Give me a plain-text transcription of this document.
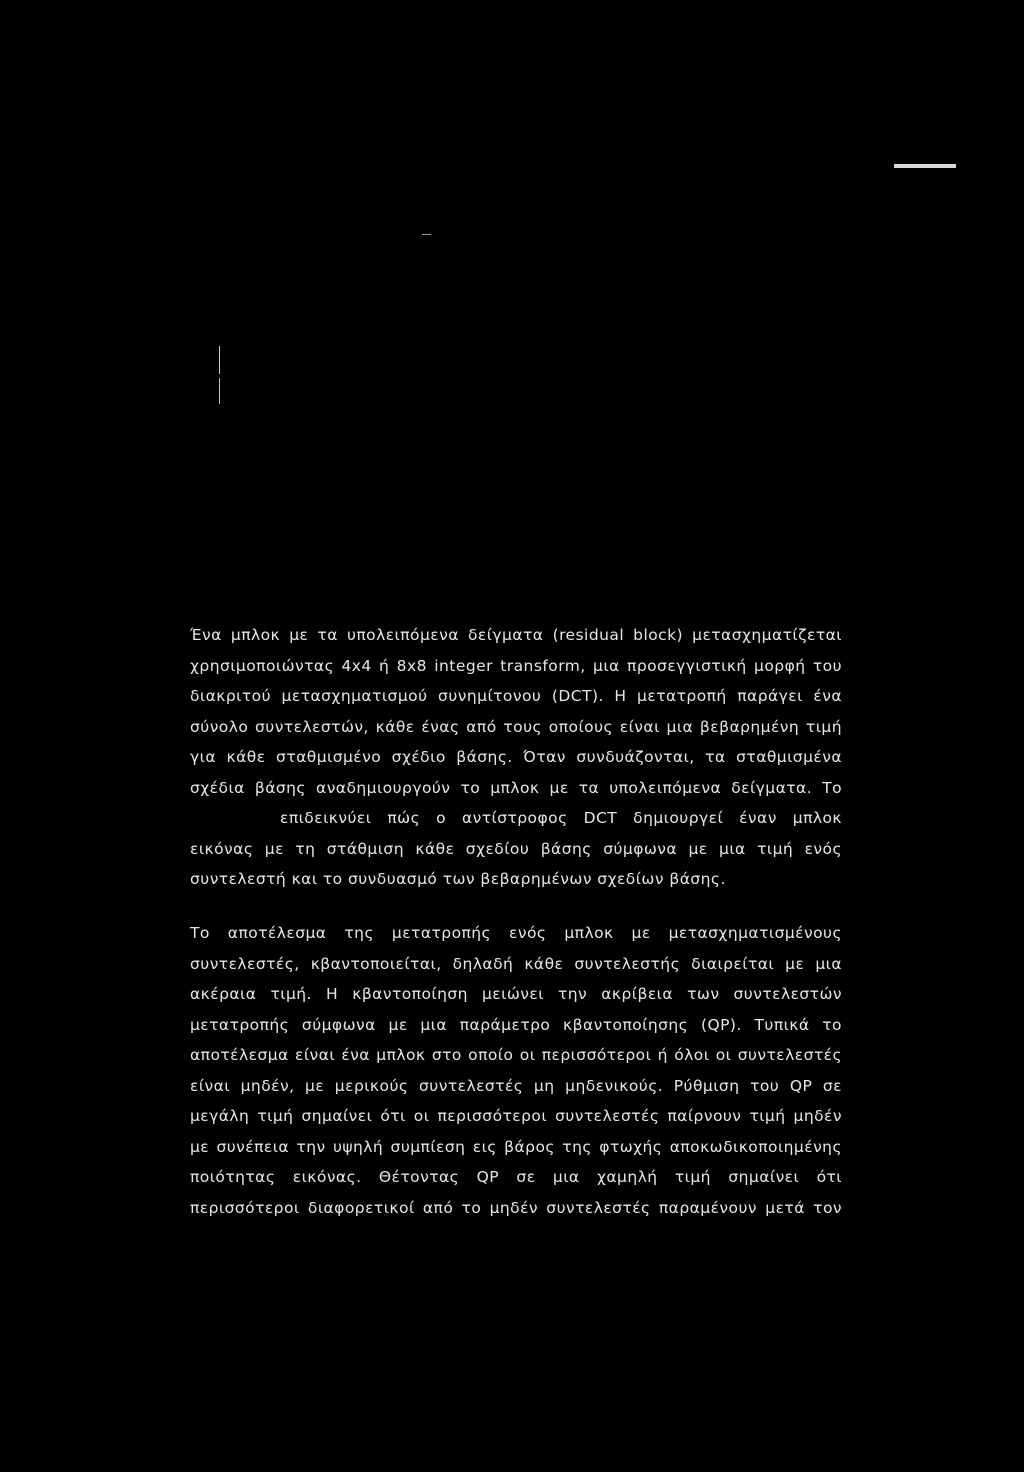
Ένα μπλοκ με τα υπολειπόμενα δείγματα (residual block) μετασχηματίζεται
χρησιμοποιώντας 4x4 ή 8x8 integer transform, μια προσεγγιστική μορφή του
διακριτού μετασχηματισμού συνημίτονου (DCT). Η μετατροπή παράγει ένα
σύνολο συντελεστών, κάθε ένας από τους οποίους είναι μια βεβαρημένη τιμή
για κάθε σταθμισμένο σχέδιο βάσης. Όταν συνδυάζονται, τα σταθμισμένα
σχέδια βάσης αναδημιουργούν το μπλοκ με τα υπολειπόμενα δείγματα. Το
επιδεικνύει πώς ο αντίστροφος DCT δημιουργεί έναν μπλοκ
εικόνας με τη στάθμιση κάθε σχεδίου βάσης σύμφωνα με μια τιμή ενός
συντελεστή και το συνδυασμό των βεβαρημένων σχεδίων βάσης.

Το αποτέλεσμα της μετατροπής ενός μπλοκ με μετασχηματισμένους
συντελεστές, κβαντοποιείται, δηλαδή κάθε συντελεστής διαιρείται με μια
ακέραια τιμή. Η κβαντοποίηση μειώνει την ακρίβεια των συντελεστών
μετατροπής σύμφωνα με μια παράμετρο κβαντοποίησης (QP). Τυπικά το
αποτέλεσμα είναι ένα μπλοκ στο οποίο οι περισσότεροι ή όλοι οι συντελεστές
είναι μηδέν, με μερικούς συντελεστές μη μηδενικούς. Ρύθμιση του QP σε
μεγάλη τιμή σημαίνει ότι οι περισσότεροι συντελεστές παίρνουν τιμή μηδέν
με συνέπεια την υψηλή συμπίεση εις βάρος της φτωχής αποκωδικοποιημένης
ποιότητας εικόνας. Θέτοντας QP σε μια χαμηλή τιμή σημαίνει ότι
περισσότεροι διαφορετικοί από το μηδέν συντελεστές παραμένουν μετά τον
